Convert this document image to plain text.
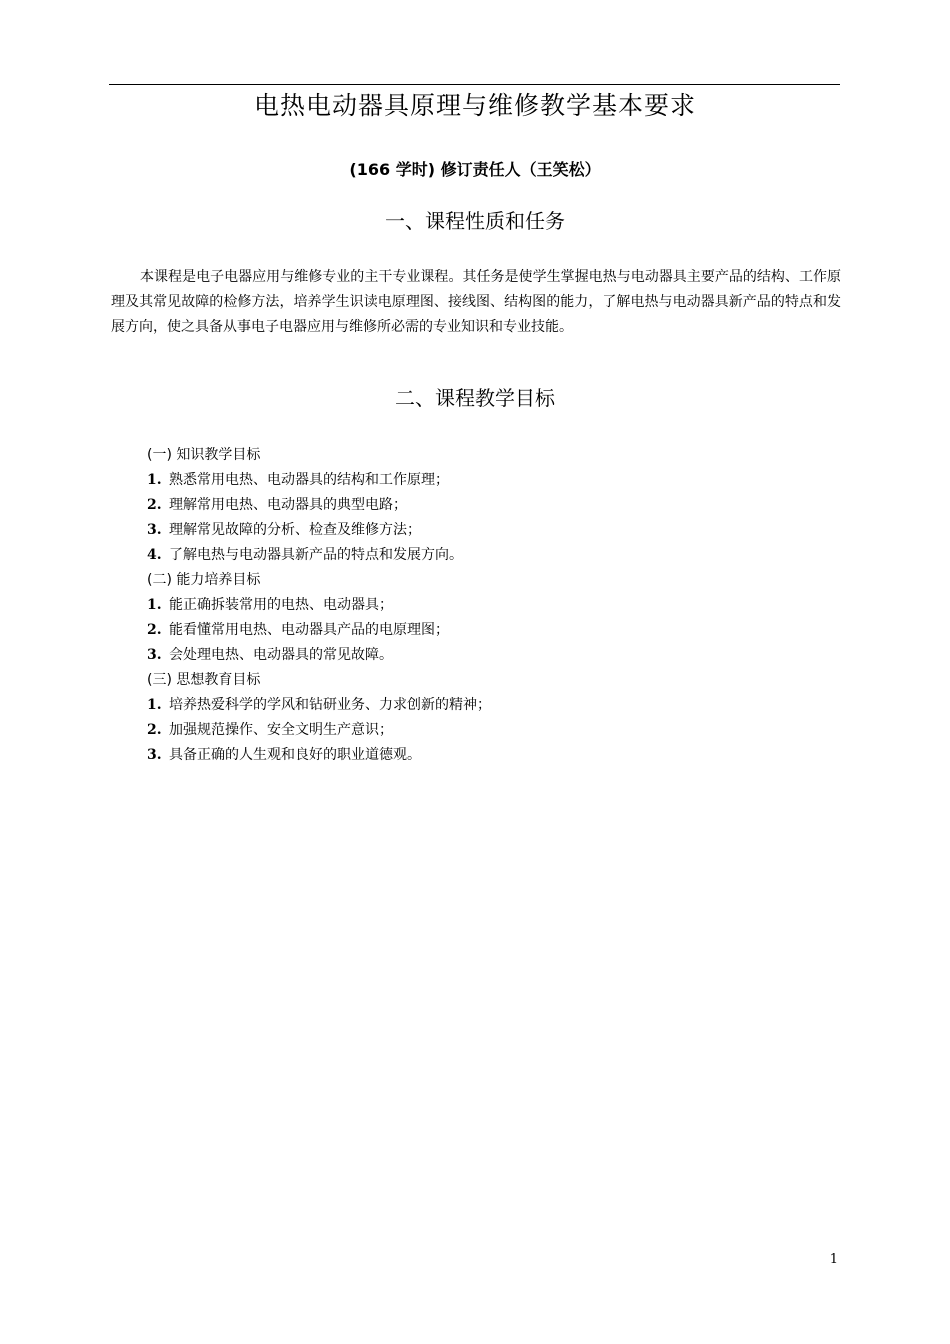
电热电动器具原理与维修教学基本要求
(166 学时) 修订责任人（王笑松）
一、课程性质和任务

本课程是电子电器应用与维修专业的主干专业课程。其任务是使学生掌握电热与电动器具主要产品的结构、工作原理及其常见故障的检修方法，培养学生识读电原理图、接线图、结构图的能力，了解电热与电动器具新产品的特点和发展方向，使之具备从事电子电器应用与维修所必需的专业知识和专业技能。

二、课程教学目标
(一) 知识教学目标
1. 熟悉常用电热、电动器具的结构和工作原理；
2. 理解常用电热、电动器具的典型电路；
3. 理解常见故障的分析、检查及维修方法；
4. 了解电热与电动器具新产品的特点和发展方向。
(二) 能力培养目标
1. 能正确拆装常用的电热、电动器具；
2. 能看懂常用电热、电动器具产品的电原理图；
3. 会处理电热、电动器具的常见故障。
(三) 思想教育目标
1. 培养热爱科学的学风和钻研业务、力求创新的精神；
2. 加强规范操作、安全文明生产意识；
3. 具备正确的人生观和良好的职业道德观。
1
